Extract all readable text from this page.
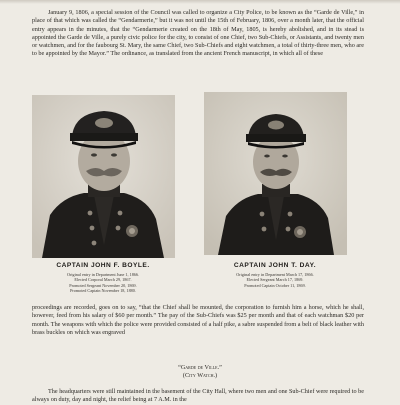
January 9, 1806, a special session of the Council was called to organize a City Police, to be known as the “Garde de Ville,” in place of that which was called the “Gendarmerie,” but it was not until the 15th of February, 1806, over a month later, that the official entry appears in the minutes, that the “Gendarmerie created on the 18th of May, 1805, is hereby abolished, and in its stead is appointed the Garde de Ville, a purely civic police for the city, to consist of one Chief, two Sub-Chiefs, or Assistants, and twenty men or watchmen, and for the faubourg St. Mary, the same Chief, two Sub-Chiefs and eight watchmen, a total of thirty-three men, who are to be appointed by the Mayor.” The ordinance, as translated from the ancient French manuscript, in which all of these

CAPTAIN JOHN F. BOYLE.

Original entry in Department June 1, 1866.

Elected Corporal March 29, 1867.

Promoted Sergeant November 20, 1869.

Promoted Captain November 18, 1880.

CAPTAIN JOHN T. DAY.

Original entry in Department March 17, 1866.

Elected Sergeant March 17, 1869.

Promoted Captain October 11, 1869.

proceedings are recorded, goes on to say, “that the Chief shall be mounted, the corporation to furnish him a horse, which he shall, however, feed from his salary of $60 per month.” The pay of the Sub-Chiefs was $25 per month and that of each watchman $20 per month. The weapons with which the police were provided consisted of a half pike, a sabre suspended from a belt of black leather with brass buckles on which was engraved

“Garde de Ville.”

(City Watch.)

The headquarters were still maintained in the basement of the City Hall, where two men and one Sub-Chief were required to be always on duty, day and night, the relief being at 7 A.M. in the
